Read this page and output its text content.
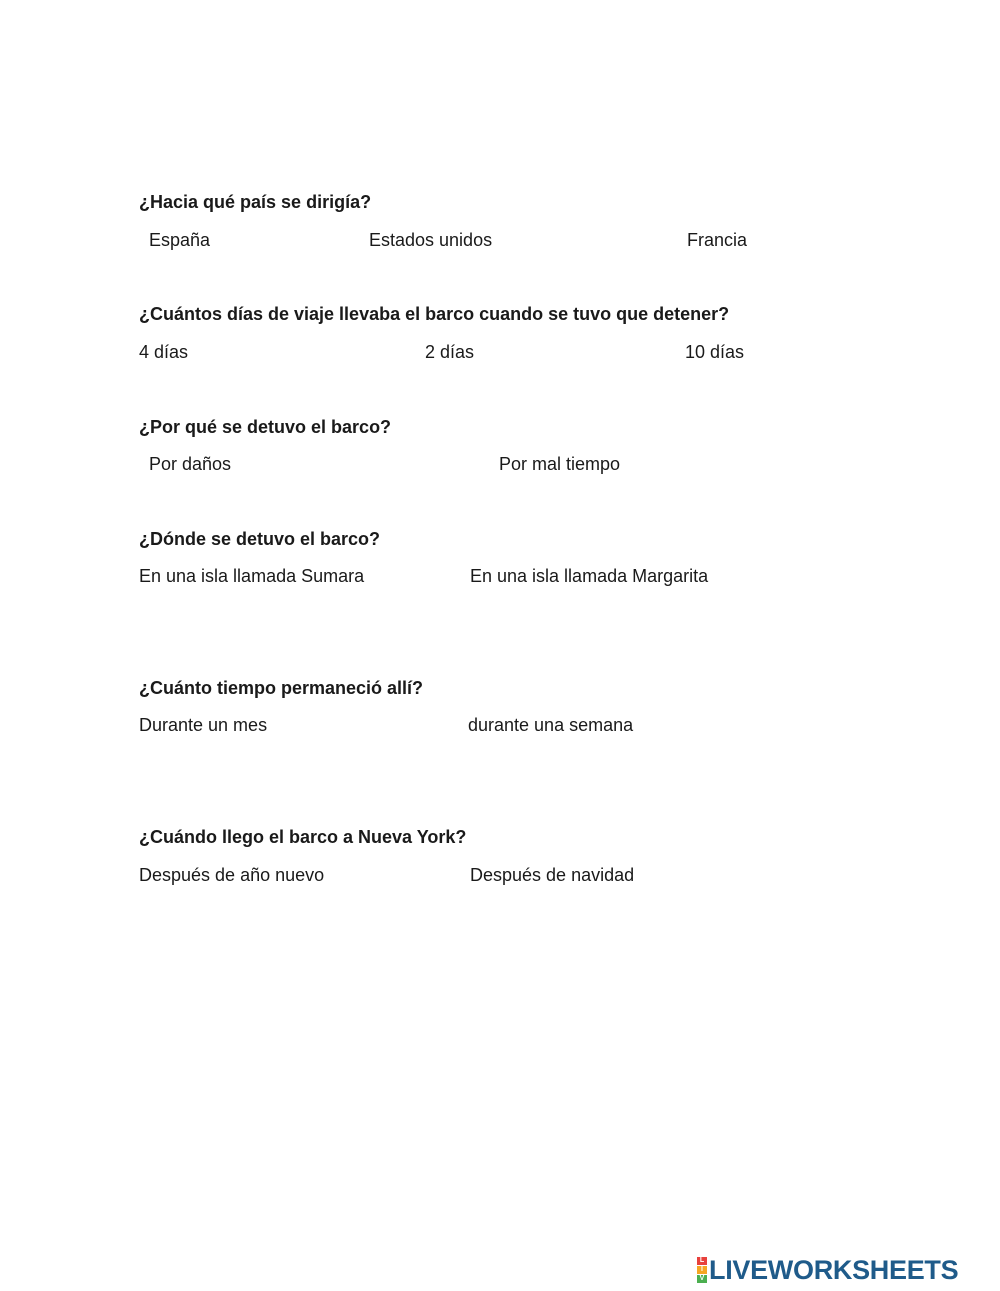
¿Hacia qué país se dirigía?
España	Estados unidos	Francia
¿Cuántos días de viaje llevaba el barco cuando se tuvo que detener?
4 días	2 días	10 días
¿Por qué se detuvo el barco?
Por daños	Por mal tiempo
¿Dónde se detuvo el barco?
En una isla llamada Sumara	En una isla llamada Margarita
¿Cuánto tiempo permaneció allí?
Durante un mes	durante una semana
¿Cuándo llego el barco a Nueva York?
Después de año nuevo	Después de navidad
L
I
V LIVEWORKSHEETS
